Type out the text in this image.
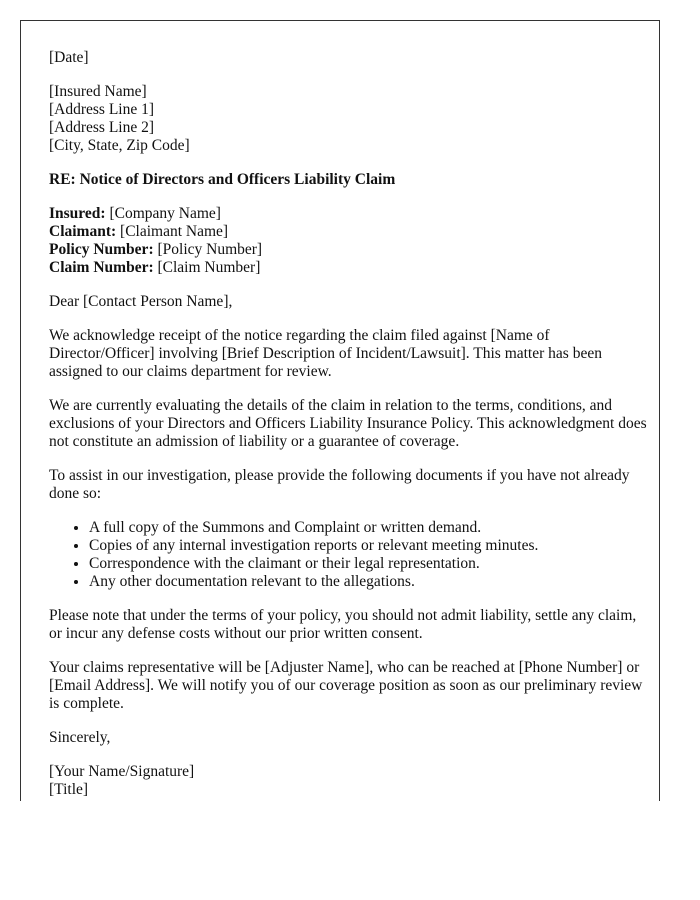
[Date]

[Insured Name]
[Address Line 1]
[Address Line 2]
[City, State, Zip Code]

RE: Notice of Directors and Officers Liability Claim

Insured: [Company Name]
Claimant: [Claimant Name]
Policy Number: [Policy Number]
Claim Number: [Claim Number]

Dear [Contact Person Name],

We acknowledge receipt of the notice regarding the claim filed against [Name of Director/Officer] involving [Brief Description of Incident/Lawsuit]. This matter has been assigned to our claims department for review.

We are currently evaluating the details of the claim in relation to the terms, conditions, and exclusions of your Directors and Officers Liability Insurance Policy. This acknowledgment does not constitute an admission of liability or a guarantee of coverage.

To assist in our investigation, please provide the following documents if you have not already done so:

• A full copy of the Summons and Complaint or written demand.
• Copies of any internal investigation reports or relevant meeting minutes.
• Correspondence with the claimant or their legal representation.
• Any other documentation relevant to the allegations.

Please note that under the terms of your policy, you should not admit liability, settle any claim, or incur any defense costs without our prior written consent.

Your claims representative will be [Adjuster Name], who can be reached at [Phone Number] or [Email Address]. We will notify you of our coverage position as soon as our preliminary review is complete.

Sincerely,

[Your Name/Signature]
[Title]
